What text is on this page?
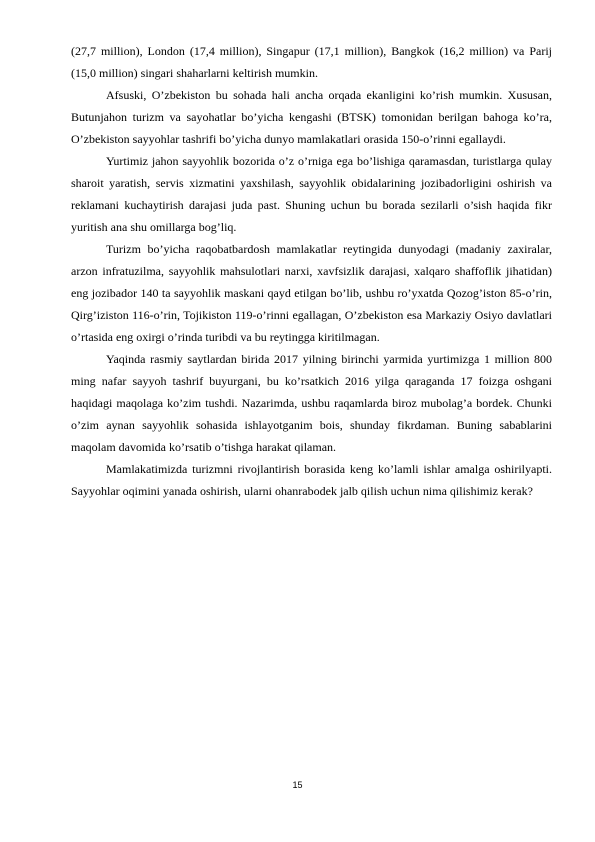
(27,7 million), London (17,4 million), Singapur (17,1 million), Bangkok (16,2 million) va Parij (15,0 million) singari shaharlarni keltirish mumkin.

Afsuski, O’zbekiston bu sohada hali ancha orqada ekanligini ko’rish mumkin. Xususan, Butunjahon turizm va sayohatlar bo’yicha kengashi (BTSK) tomonidan berilgan bahoga ko’ra, O’zbekiston sayyohlar tashrifi bo’yicha dunyo mamlakatlari orasida 150-o’rinni egallaydi.

Yurtimiz jahon sayyohlik bozorida o’z o’rniga ega bo’lishiga qaramasdan, turistlarga qulay sharoit yaratish, servis xizmatini yaxshilash, sayyohlik obidalarining jozibadorligini oshirish va reklamani kuchaytirish darajasi juda past. Shuning uchun bu borada sezilarli o’sish haqida fikr yuritish ana shu omillarga bog’liq.

Turizm bo’yicha raqobatbardosh mamlakatlar reytingida dunyodagi (madaniy zaxiralar, arzon infratuzilma, sayyohlik mahsulotlari narxi, xavfsizlik darajasi, xalqaro shaffoflik jihatidan) eng jozibador 140 ta sayyohlik maskani qayd etilgan bo’lib, ushbu ro’yxatda Qozog’iston 85-o’rin, Qirg’iziston 116-o’rin, Tojikiston 119-o’rinni egallagan, O’zbekiston esa Markaziy Osiyo davlatlari o’rtasida eng oxirgi o’rinda turibdi va bu reytingga kiritilmagan.

Yaqinda rasmiy saytlardan birida 2017 yilning birinchi yarmida yurtimizga 1 million 800 ming nafar sayyoh tashrif buyurgani, bu ko’rsatkich 2016 yilga qaraganda 17 foizga oshgani haqidagi maqolaga ko’zim tushdi. Nazarimda, ushbu raqamlarda biroz mubolag’a bordek. Chunki o’zim aynan sayyohlik sohasida ishlayotganim bois, shunday fikrdaman. Buning sabablarini maqolam davomida ko’rsatib o’tishga harakat qilaman.

Mamlakatimizda turizmni rivojlantirish borasida keng ko’lamli ishlar amalga oshirilyapti. Sayyohlar oqimini yanada oshirish, ularni ohanrabodek jalb qilish uchun nima qilishimiz kerak?

15
